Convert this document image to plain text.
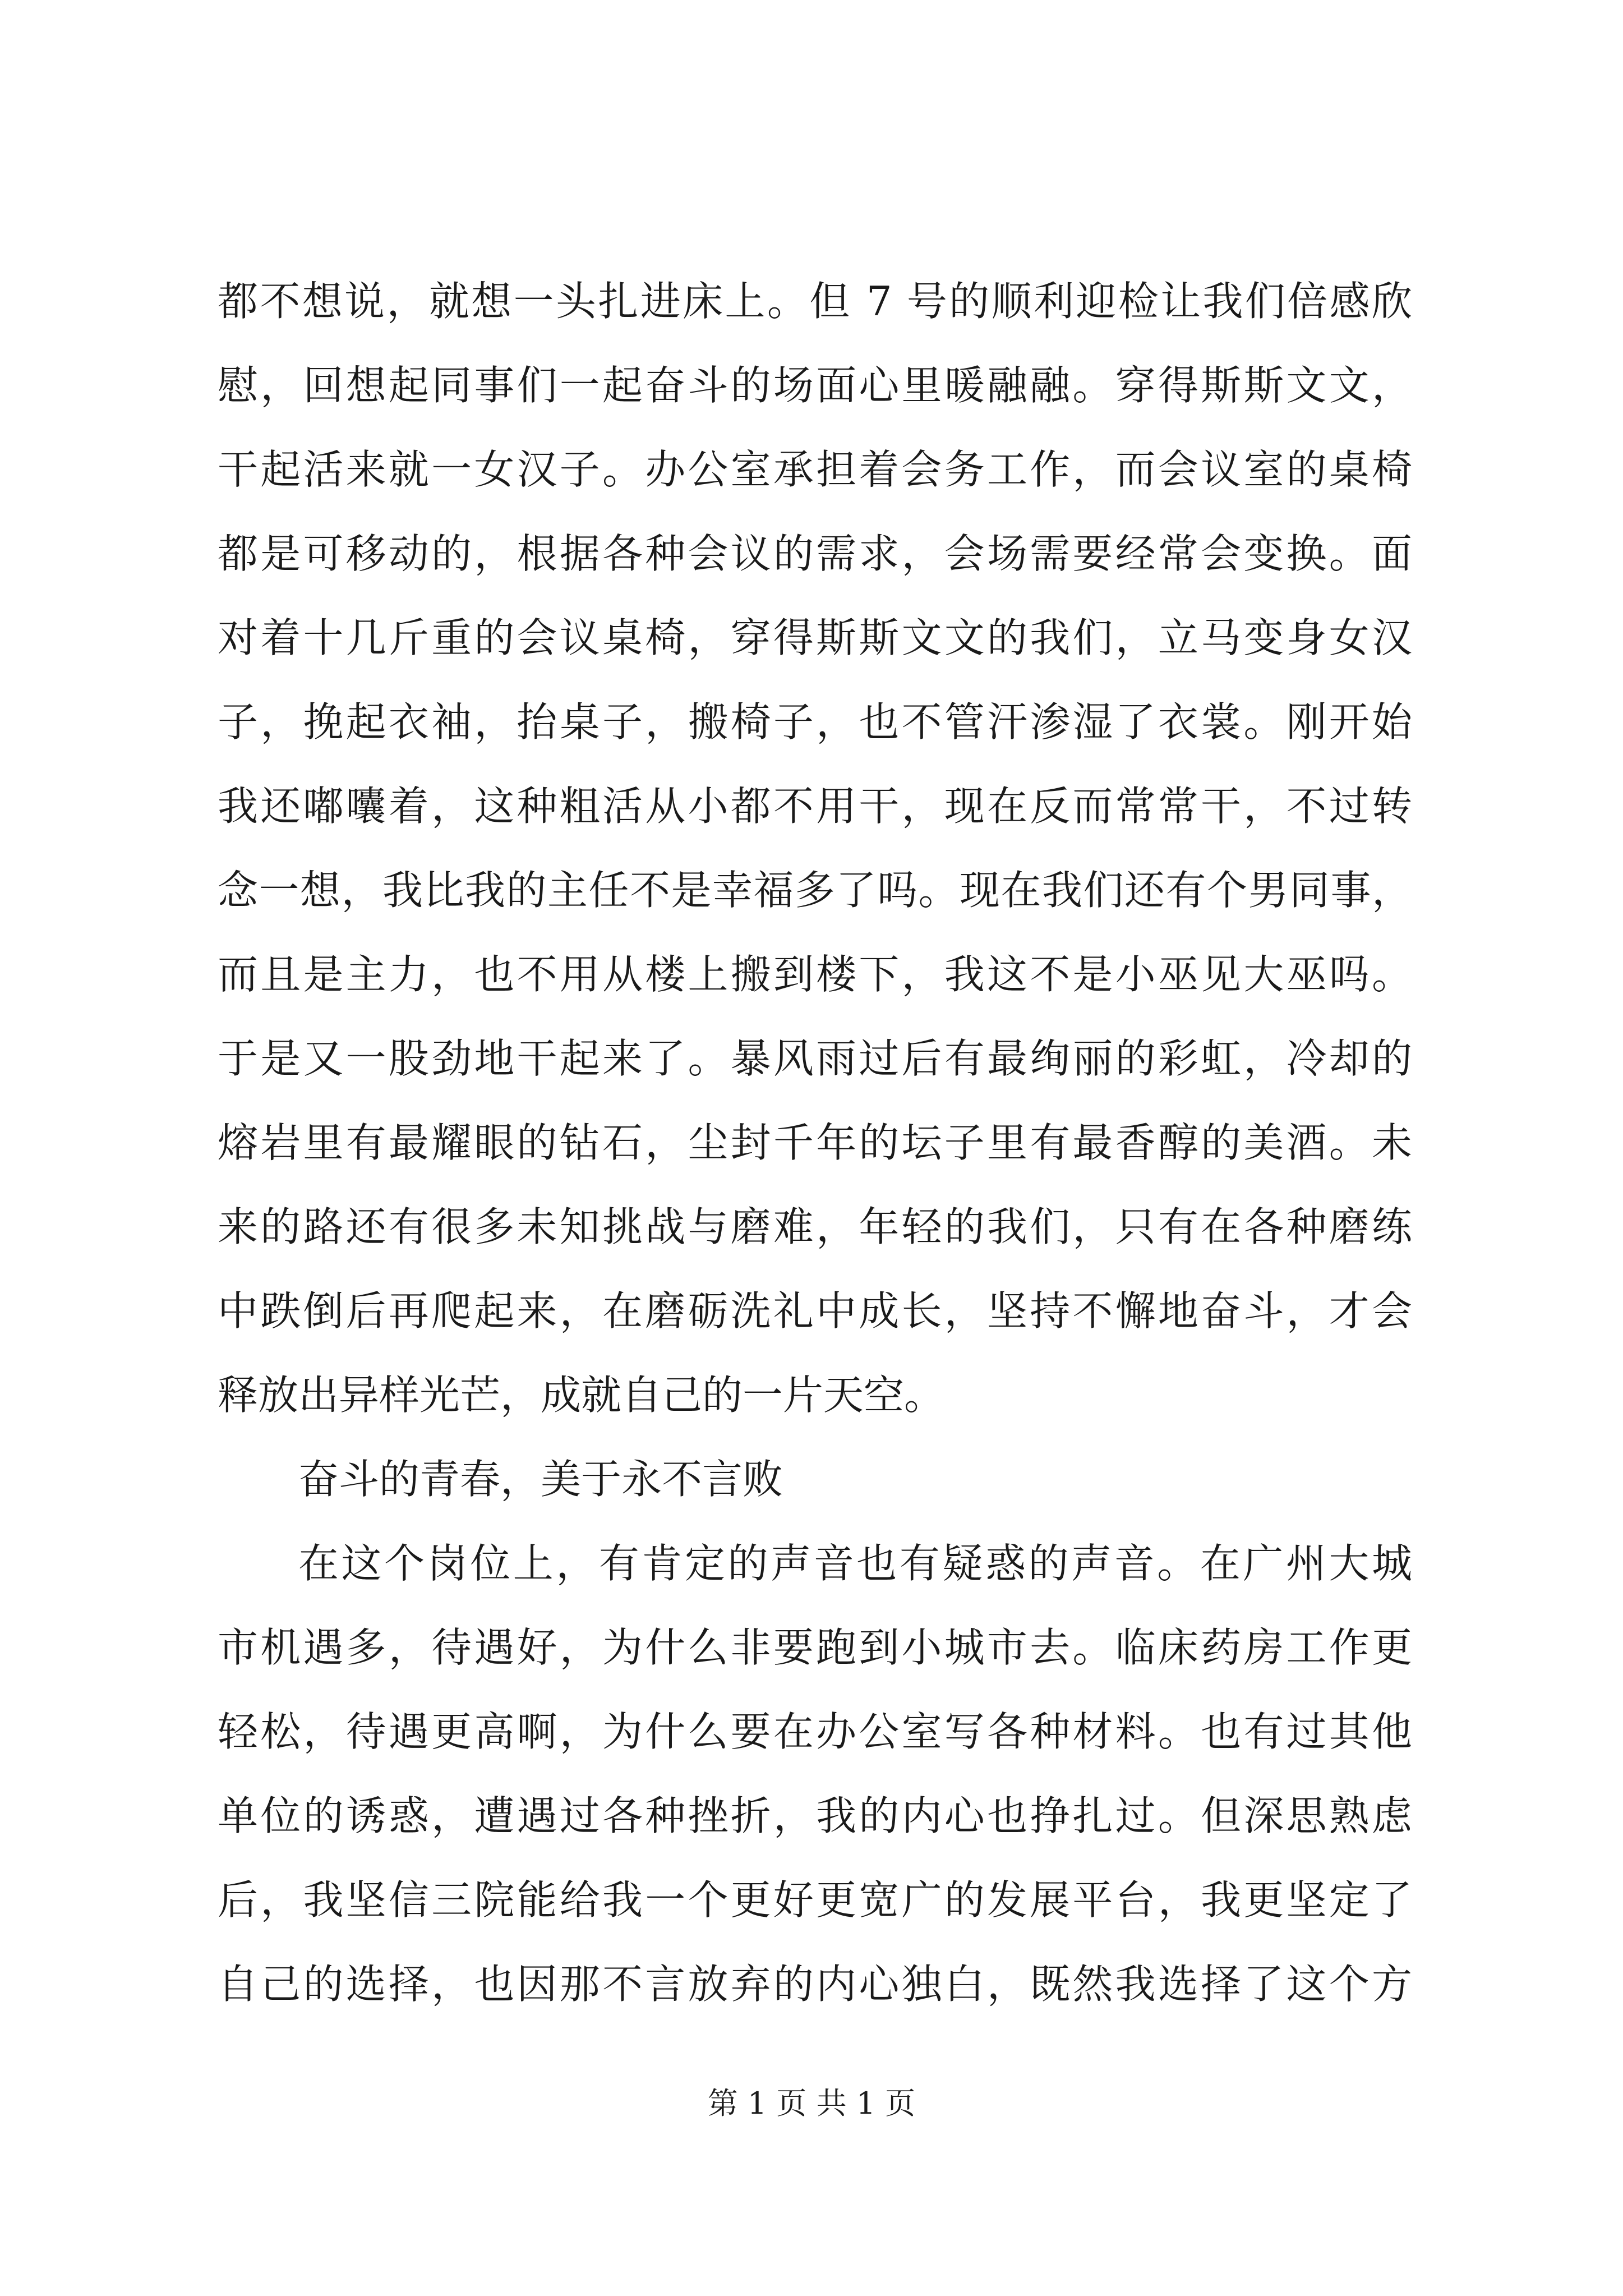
都不想说，就想一头扎进床上。但 7 号的顺利迎检让我们倍感欣
慰，回想起同事们一起奋斗的场面心里暖融融。穿得斯斯文文，
干起活来就一女汉子。办公室承担着会务工作，而会议室的桌椅
都是可移动的，根据各种会议的需求，会场需要经常会变换。面
对着十几斤重的会议桌椅，穿得斯斯文文的我们，立马变身女汉
子，挽起衣袖，抬桌子，搬椅子，也不管汗渗湿了衣裳。刚开始
我还嘟囔着，这种粗活从小都不用干，现在反而常常干，不过转
念一想，我比我的主任不是幸福多了吗。现在我们还有个男同事，
而且是主力，也不用从楼上搬到楼下，我这不是小巫见大巫吗。
于是又一股劲地干起来了。暴风雨过后有最绚丽的彩虹，冷却的
熔岩里有最耀眼的钻石，尘封千年的坛子里有最香醇的美酒。未
来的路还有很多未知挑战与磨难，年轻的我们，只有在各种磨练
中跌倒后再爬起来，在磨砺洗礼中成长，坚持不懈地奋斗，才会
释放出异样光芒，成就自己的一片天空。
奋斗的青春，美于永不言败
在这个岗位上，有肯定的声音也有疑惑的声音。在广州大城
市机遇多，待遇好，为什么非要跑到小城市去。临床药房工作更
轻松，待遇更高啊，为什么要在办公室写各种材料。也有过其他
单位的诱惑，遭遇过各种挫折，我的内心也挣扎过。但深思熟虑
后，我坚信三院能给我一个更好更宽广的发展平台，我更坚定了
自己的选择，也因那不言放弃的内心独白，既然我选择了这个方
第 1 页 共 1 页
